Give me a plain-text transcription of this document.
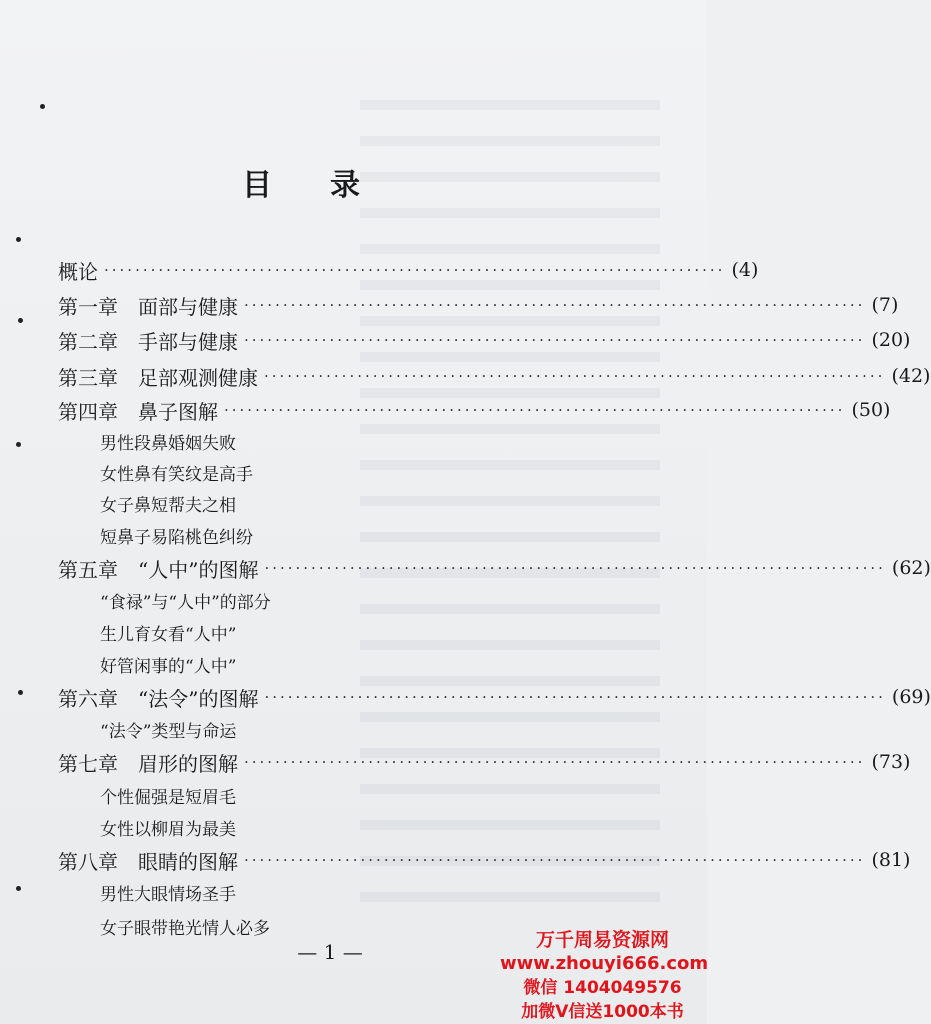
目录
概论 ················································································ (4)
第一章　面部与健康 ················································································ (7)
第二章　手部与健康 ················································································ (20)
第三章　足部观测健康 ················································································ (42)
第四章　鼻子图解 ················································································ (50)
男性段鼻婚姻失败
女性鼻有笑纹是高手
女子鼻短帮夫之相
短鼻子易陷桃色纠纷
第五章　“人中”的图解 ················································································ (62)
“食禄”与“人中”的部分
生儿育女看“人中”
好管闲事的“人中”
第六章　“法令”的图解 ················································································ (69)
“法令”类型与命运
第七章　眉形的图解 ················································································ (73)
个性倔强是短眉毛
女性以柳眉为最美
第八章　眼睛的图解 ················································································ (81)
男性大眼情场圣手
女子眼带艳光情人必多
— 1 —	万千周易资源网
www.zhouyi666.com
微信 1404049576
加微V信送1000本书
